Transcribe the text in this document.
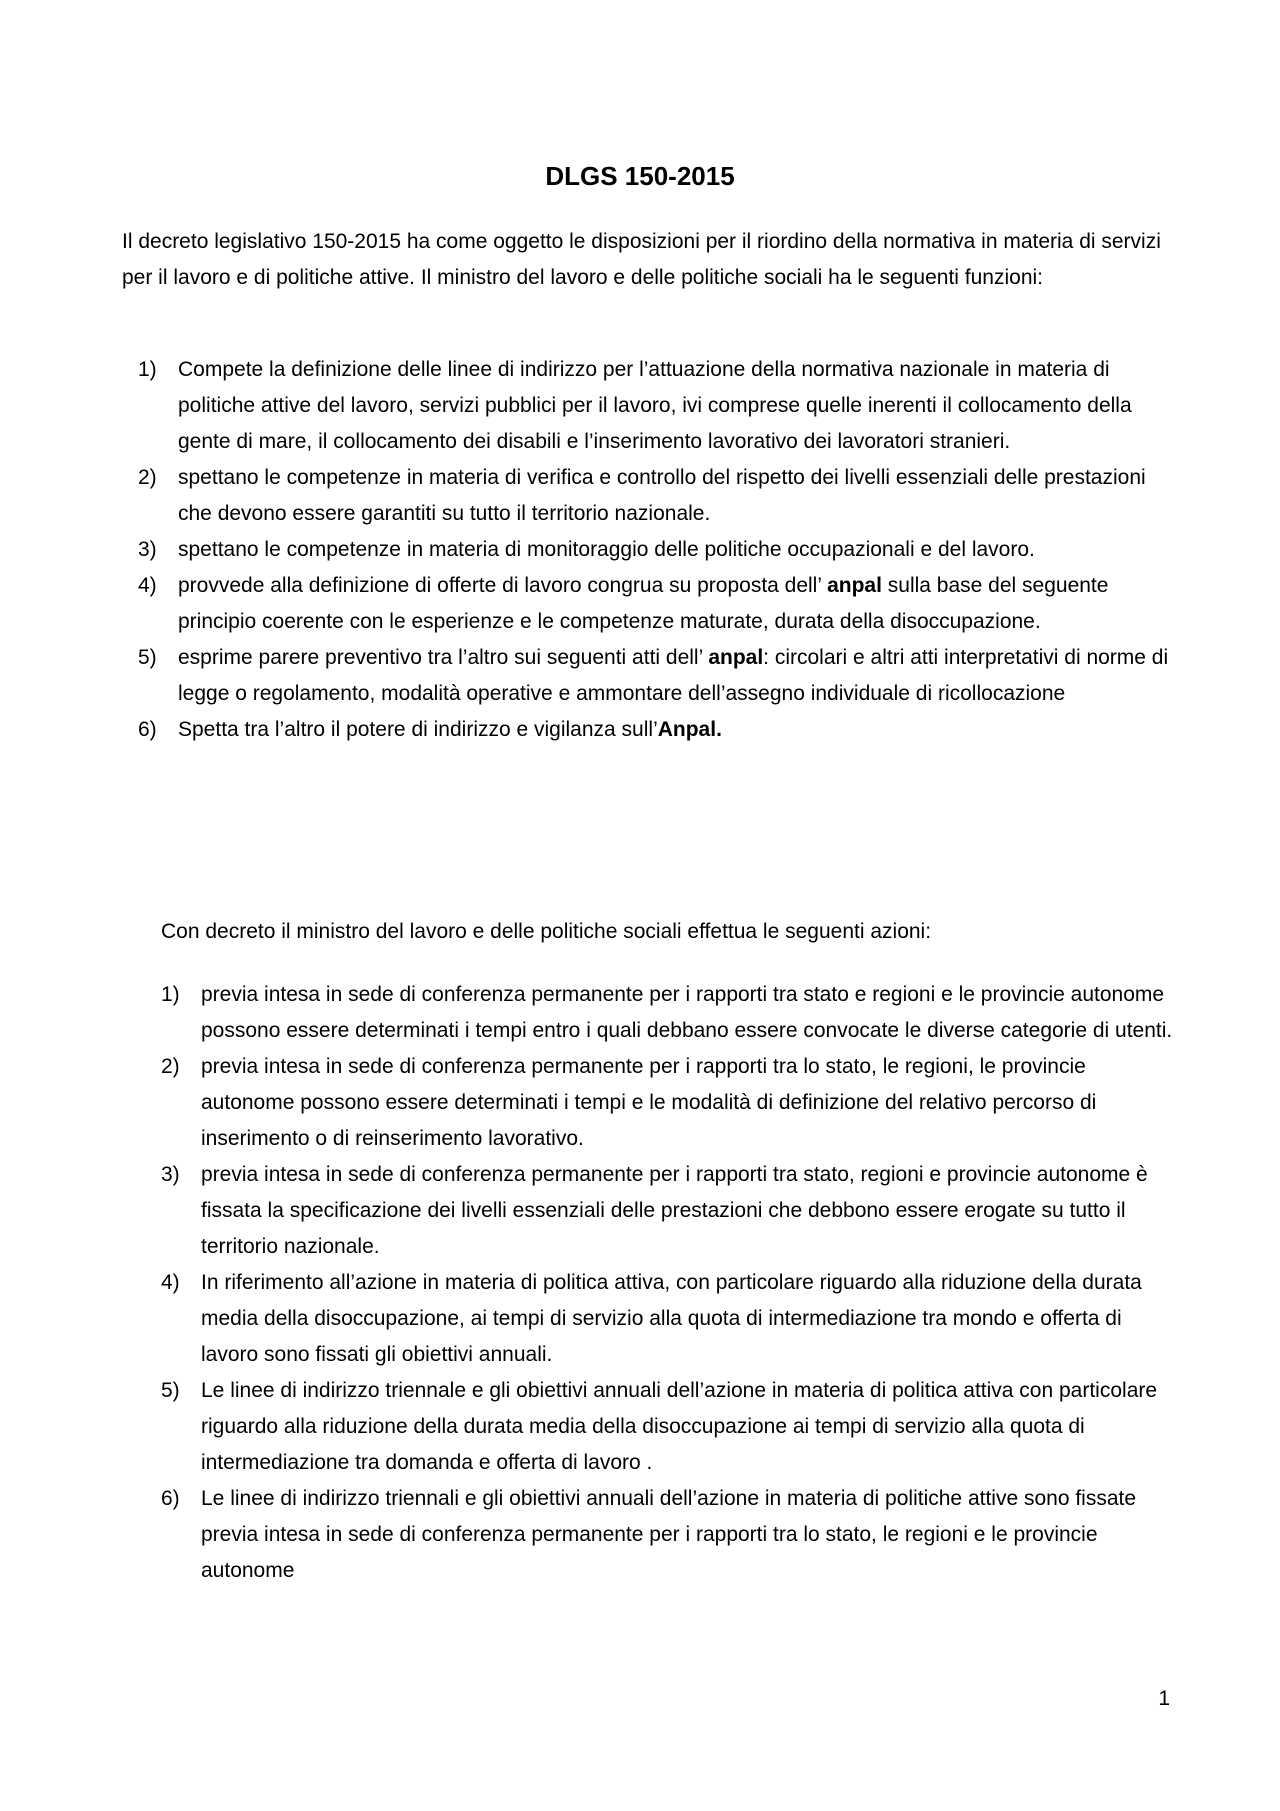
DLGS 150-2015

Il decreto legislativo 150-2015 ha come oggetto le disposizioni per il riordino della normativa in materia di servizi per il lavoro e di politiche attive. Il ministro del lavoro e delle politiche sociali ha le seguenti funzioni:

1) Compete la definizione delle linee di indirizzo per l’attuazione della normativa nazionale in materia di politiche attive del lavoro, servizi pubblici per il lavoro, ivi comprese quelle inerenti il collocamento della gente di mare, il collocamento dei disabili e l’inserimento lavorativo dei lavoratori stranieri.
2) spettano le competenze in materia di verifica e controllo del rispetto dei livelli essenziali delle prestazioni che devono essere garantiti su tutto il territorio nazionale.
3) spettano le competenze in materia di monitoraggio delle politiche occupazionali e del lavoro.
4) provvede alla definizione di offerte di lavoro congrua su proposta dell’ anpal sulla base del seguente principio coerente con le esperienze e le competenze maturate, durata della disoccupazione.
5) esprime parere preventivo tra l’altro sui seguenti atti dell’ anpal: circolari e altri atti interpretativi di norme di legge o regolamento, modalità operative e ammontare dell’assegno individuale di ricollocazione
6) Spetta tra l’altro il potere di indirizzo e vigilanza sull’Anpal.

Con decreto il ministro del lavoro e delle politiche sociali effettua le seguenti azioni:

1) previa intesa in sede di conferenza permanente per i rapporti tra stato e regioni e le provincie autonome possono essere determinati i tempi entro i quali debbano essere convocate le diverse categorie di utenti.
2) previa intesa in sede di conferenza permanente per i rapporti tra lo stato, le regioni, le provincie autonome possono essere determinati i tempi e le modalità di definizione del relativo percorso di inserimento o di reinserimento lavorativo.
3) previa intesa in sede di conferenza permanente per i rapporti tra stato, regioni e provincie autonome è fissata la specificazione dei livelli essenziali delle prestazioni che debbono essere erogate su tutto il territorio nazionale.
4) In riferimento all’azione in materia di politica attiva, con particolare riguardo alla riduzione della durata media della disoccupazione, ai tempi di servizio alla quota di intermediazione tra mondo e offerta di lavoro sono fissati gli obiettivi annuali.
5) Le linee di indirizzo triennale e gli obiettivi annuali dell’azione in materia di politica attiva con particolare riguardo alla riduzione della durata media della disoccupazione ai tempi di servizio alla quota di intermediazione tra domanda e offerta di lavoro .
6) Le linee di indirizzo triennali e gli obiettivi annuali dell’azione in materia di politiche attive sono fissate previa intesa in sede di conferenza permanente per i rapporti tra lo stato, le regioni e le provincie autonome
1
